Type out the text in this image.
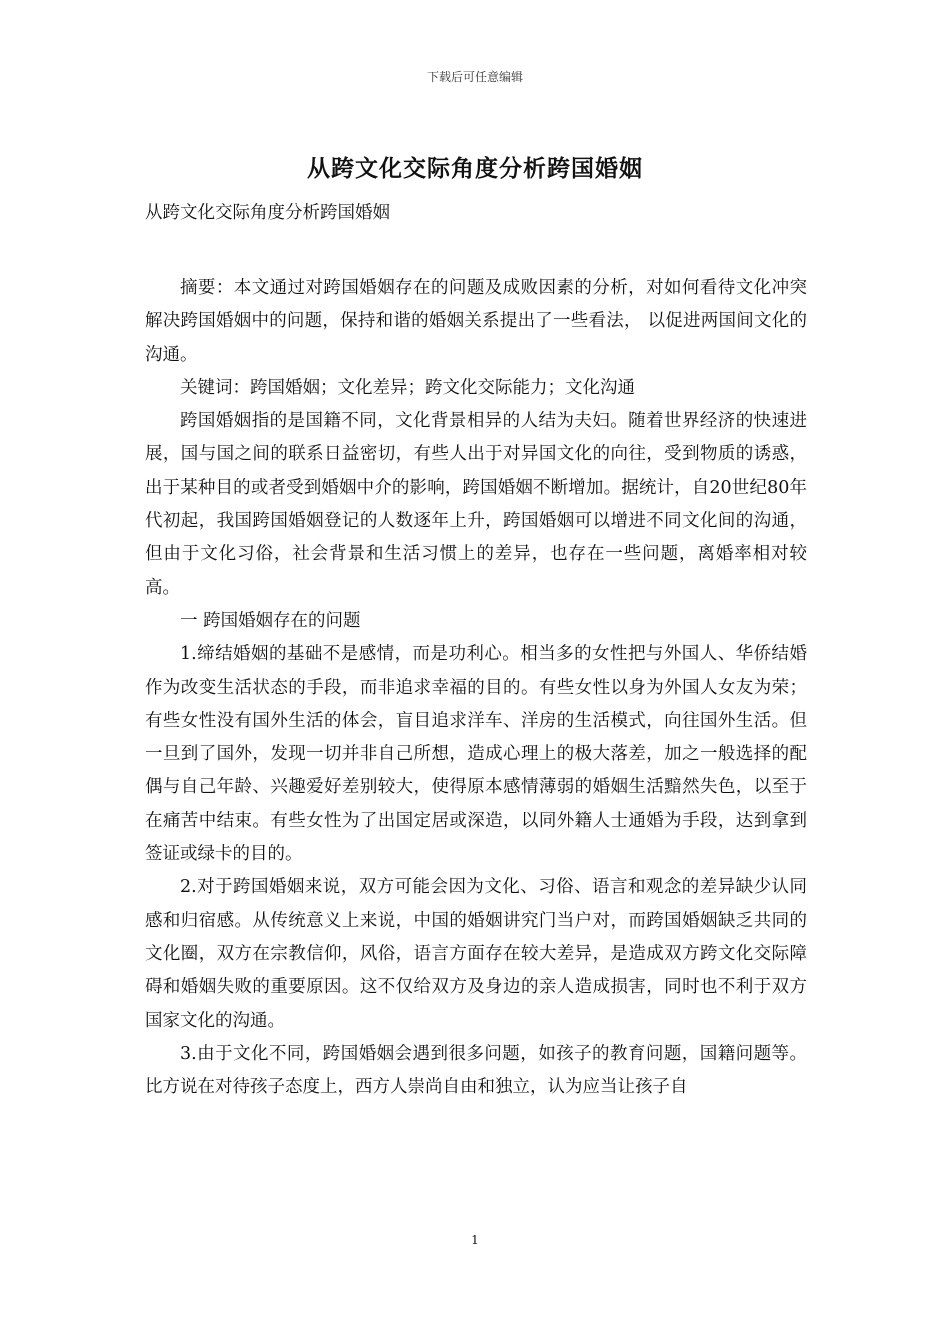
下载后可任意编辑
从跨文化交际角度分析跨国婚姻
从跨文化交际角度分析跨国婚姻

摘要：本文通过对跨国婚姻存在的问题及成败因素的分析，对如何看待文化冲突解决跨国婚姻中的问题，保持和谐的婚姻关系提出了一些看法， 以促进两国间文化的沟通。

关键词：跨国婚姻；文化差异；跨文化交际能力；文化沟通

跨国婚姻指的是国籍不同，文化背景相异的人结为夫妇。随着世界经济的快速进展，国与国之间的联系日益密切，有些人出于对异国文化的向往，受到物质的诱惑，出于某种目的或者受到婚姻中介的影响，跨国婚姻不断增加。据统计，自20世纪80年代初起，我国跨国婚姻登记的人数逐年上升，跨国婚姻可以增进不同文化间的沟通，但由于文化习俗，社会背景和生活习惯上的差异，也存在一些问题，离婚率相对较高。

一 跨国婚姻存在的问题

1.缔结婚姻的基础不是感情，而是功利心。相当多的女性把与外国人、华侨结婚作为改变生活状态的手段，而非追求幸福的目的。有些女性以身为外国人女友为荣；有些女性没有国外生活的体会，盲目追求洋车、洋房的生活模式，向往国外生活。但一旦到了国外，发现一切并非自己所想，造成心理上的极大落差，加之一般选择的配偶与自己年龄、兴趣爱好差别较大，使得原本感情薄弱的婚姻生活黯然失色，以至于在痛苦中结束。有些女性为了出国定居或深造，以同外籍人士通婚为手段，达到拿到签证或绿卡的目的。

2.对于跨国婚姻来说，双方可能会因为文化、习俗、语言和观念的差异缺少认同感和归宿感。从传统意义上来说，中国的婚姻讲究门当户对，而跨国婚姻缺乏共同的文化圈，双方在宗教信仰，风俗，语言方面存在较大差异，是造成双方跨文化交际障碍和婚姻失败的重要原因。这不仅给双方及身边的亲人造成损害，同时也不利于双方国家文化的沟通。

3.由于文化不同，跨国婚姻会遇到很多问题，如孩子的教育问题，国籍问题等。比方说在对待孩子态度上，西方人崇尚自由和独立，认为应当让孩子自

1
